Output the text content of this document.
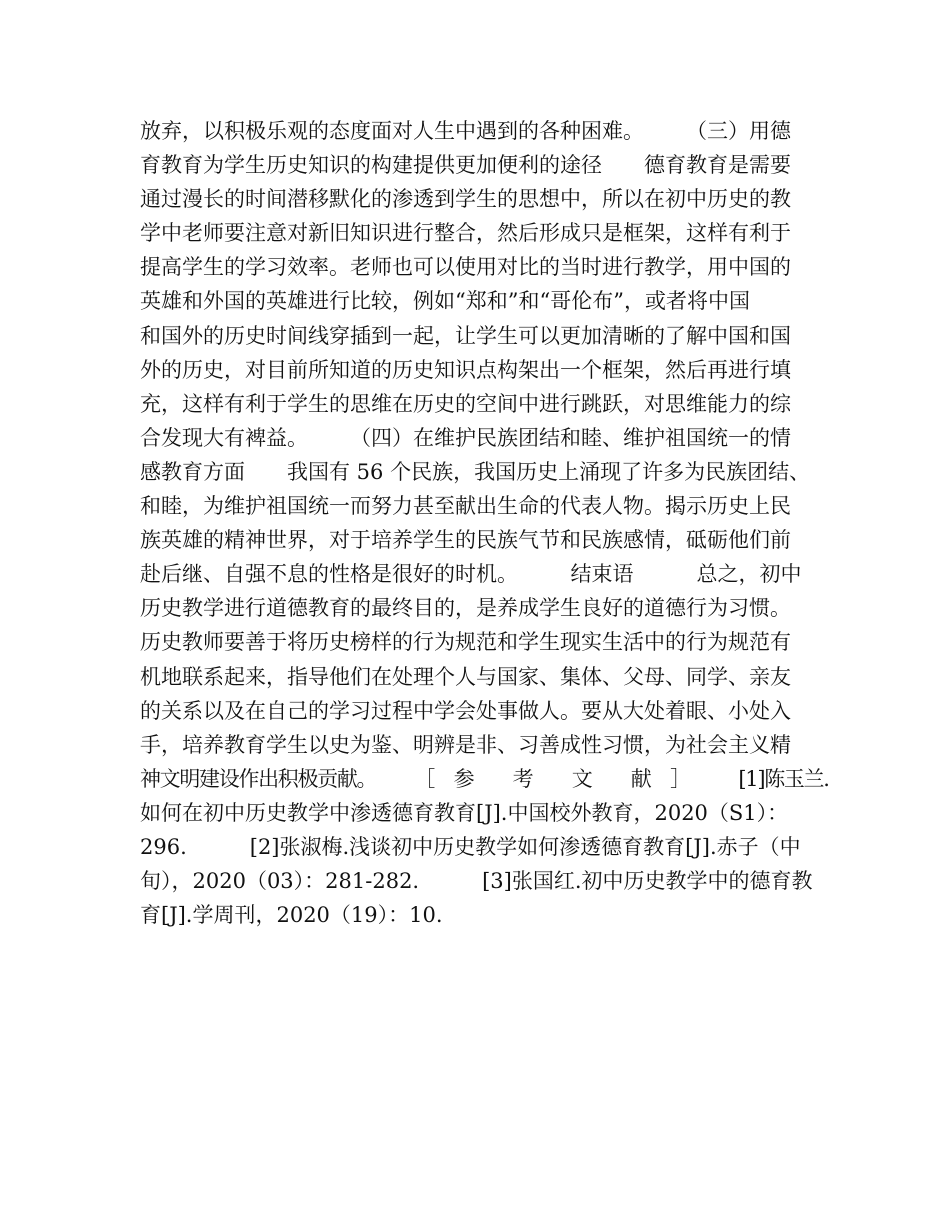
放弃，以积极乐观的态度面对人生中遇到的各种困难。　　　（三）用德
育教育为学生历史知识的构建提供更加便利的途径　　德育教育是需要
通过漫长的时间潜移默化的渗透到学生的思想中，所以在初中历史的教
学中老师要注意对新旧知识进行整合，然后形成只是框架，这样有利于
提高学生的学习效率。老师也可以使用对比的当时进行教学，用中国的
英雄和外国的英雄进行比较，例如“郑和”和“哥伦布”，或者将中国
和国外的历史时间线穿插到一起，让学生可以更加清晰的了解中国和国
外的历史，对目前所知道的历史知识点构架出一个框架，然后再进行填
充，这样有利于学生的思维在历史的空间中进行跳跃，对思维能力的综
合发现大有裨益。　　　（四）在维护民族团结和睦、维护祖国统一的情
感教育方面　　我国有 56 个民族，我国历史上涌现了许多为民族团结、
和睦，为维护祖国统一而努力甚至献出生命的代表人物。揭示历史上民
族英雄的精神世界，对于培养学生的民族气节和民族感情，砥砺他们前
赴后继、自强不息的性格是很好的时机。　　　结束语　　　总之，初中
历史教学进行道德教育的最终目的，是养成学生良好的道德行为习惯。
历史教师要善于将历史榜样的行为规范和学生现实生活中的行为规范有
机地联系起来，指导他们在处理个人与国家、集体、父母、同学、亲友
的关系以及在自己的学习过程中学会处事做人。要从大处着眼、小处入
手，培养教育学生以史为鉴、明辨是非、习善成性习惯，为社会主义精
神文明建设作出积极贡献。　　　［　参　　考　　文　　献　］　　　[1]陈玉兰.
如何在初中历史教学中渗透德育教育[J].中国校外教育，2020（S1）：
296.　　　[2]张淑梅.浅谈初中历史教学如何渗透德育教育[J].赤子（中
旬），2020（03）：281-282.　　　[3]张国红.初中历史教学中的德育教
育[J].学周刊，2020（19）：10.
